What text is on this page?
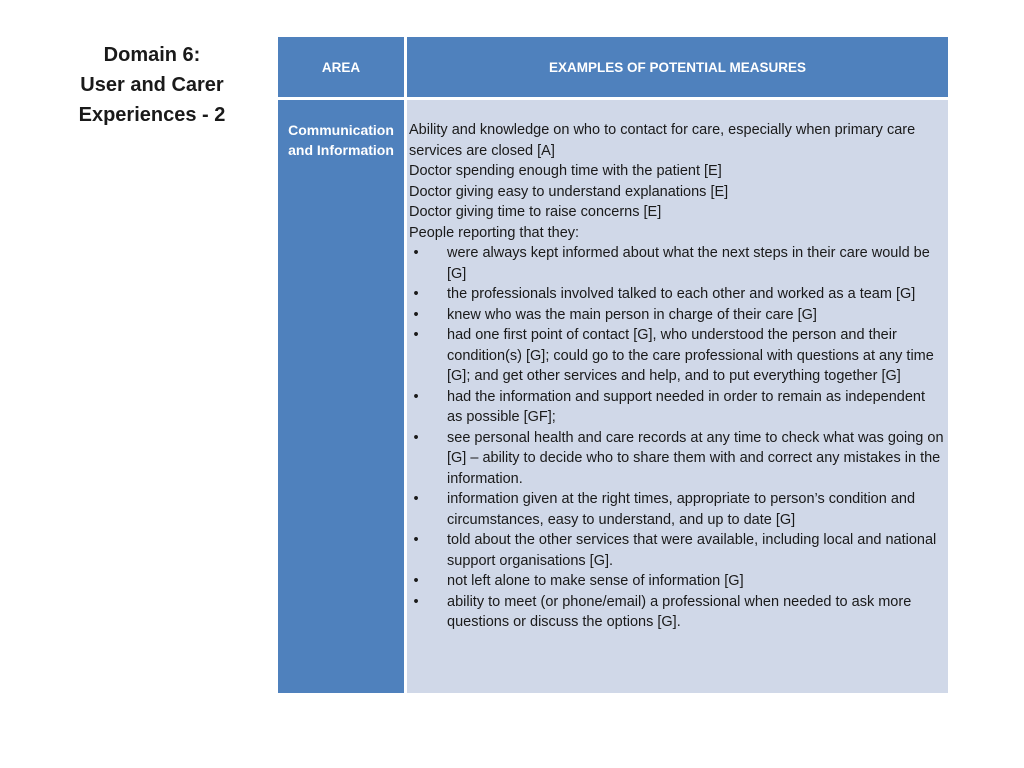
Domain 6:
User and Carer
Experiences - 2
AREA	EXAMPLES OF POTENTIAL MEASURES
Communication
and Information

Ability and knowledge on who to contact for care, especially when primary care services are closed [A]

Doctor spending enough time with the patient [E]

Doctor giving easy to understand explanations [E]

Doctor giving time to raise concerns [E]

People reporting that they:

• were always kept informed about what the next steps in their care would be [G]
• the professionals involved talked to each other and worked as a team [G]
• knew who was the main person in charge of their care [G]
• had one first point of contact [G], who understood the person and their condition(s) [G]; could go to the care professional with questions at any time [G]; and get other services and help, and to put everything together [G]
• had the information and support needed in order to remain as independent as possible [GF];
• see personal health and care records at any time to check what was going on [G] – ability to decide who to share them with and correct any mistakes in the information.
• information given at the right times, appropriate to person’s condition and circumstances, easy to understand, and up to date [G]
• told about the other services that were available, including local and national support organisations [G].
• not left alone to make sense of information [G]
• ability to meet (or phone/email) a professional when needed to ask more questions or discuss the options [G].
